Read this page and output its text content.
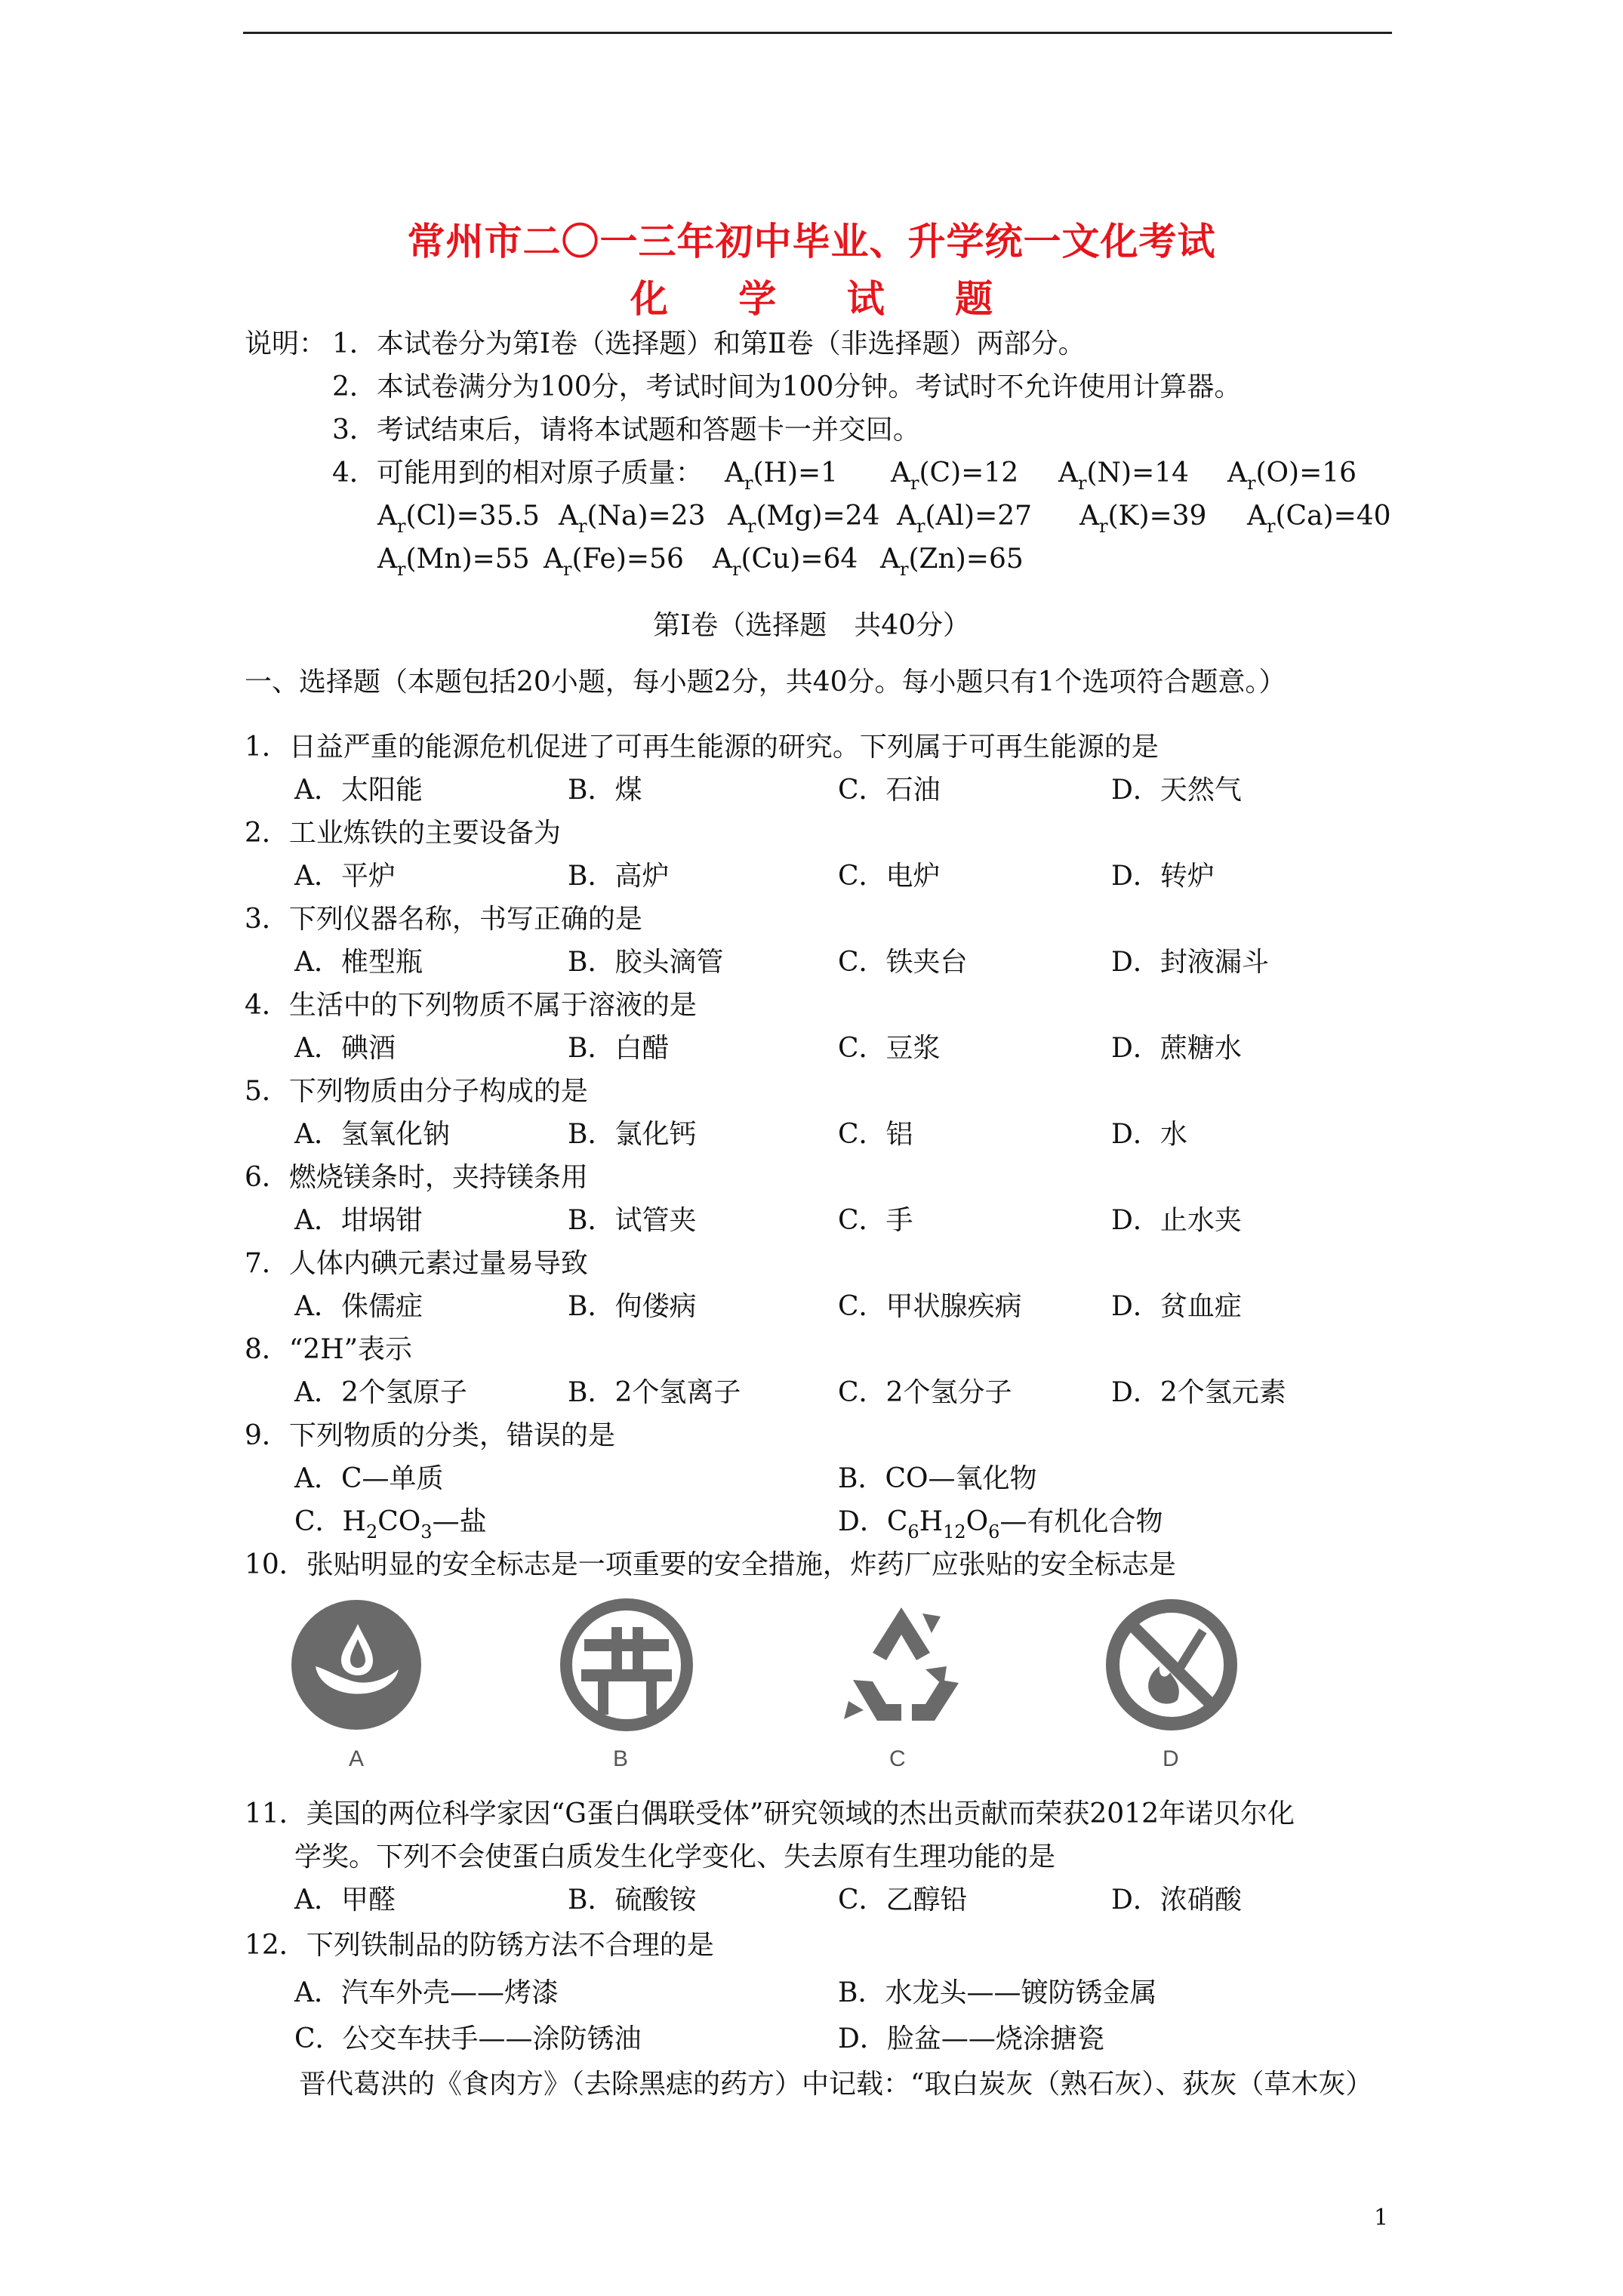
常州市二〇一三年初中毕业、升学统一文化考试
化 学 试 题
说明： 1．本试卷分为第Ⅰ卷（选择题）和第Ⅱ卷（非选择题）两部分。
2．本试卷满分为100分，考试时间为100分钟。考试时不允许使用计算器。
3．考试结束后，请将本试题和答题卡一并交回。
4．可能用到的相对原子质量： $A_r(H)=1$ $A_r(C)=12$ $A_r(N)=14$ $A_r(O)=16$
$A_r(Cl)=35.5$ $A_r(Na)=23$ $A_r(Mg)=24$ $A_r(Al)=27$ $A_r(K)=39$ $A_r(Ca)=40$
$A_r(Mn)=55$ $A_r(Fe)=56$ $A_r(Cu)=64$ $A_r(Zn)=65$
第Ⅰ卷（选择题　共40分）
一、选择题（本题包括20小题，每小题2分，共40分。每小题只有1个选项符合题意。）
1．日益严重的能源危机促进了可再生能源的研究。下列属于可再生能源的是
A．太阳能	B．煤	C．石油	D．天然气
2．工业炼铁的主要设备为
A．平炉	B．高炉	C．电炉	D．转炉
3．下列仪器名称，书写正确的是
A．椎型瓶	B．胶头滴管	C．铁夹台	D．封液漏斗
4．生活中的下列物质不属于溶液的是
A．碘酒	B．白醋	C．豆浆	D．蔗糖水
5．下列物质由分子构成的是
A．氢氧化钠	B．氯化钙	C．铝	D．水
6．燃烧镁条时，夹持镁条用
A．坩埚钳	B．试管夹	C．手	D．止水夹
7．人体内碘元素过量易导致
A．侏儒症	B．佝偻病	C．甲状腺疾病	D．贫血症
8．“2H”表示
A．2个氢原子	B．2个氢离子	C．2个氢分子	D．2个氢元素
9．下列物质的分类，错误的是
A．C—单质	B．CO—氧化物
C．$H_2CO_3—$盐	D．$C_6H_{12}O_6—$有机化合物
10．张贴明显的安全标志是一项重要的安全措施，炸药厂应张贴的安全标志是
A	B	C	D
11．美国的两位科学家因“G蛋白偶联受体”研究领域的杰出贡献而荣获2012年诺贝尔化
学奖。下列不会使蛋白质发生化学变化、失去原有生理功能的是
A．甲醛	B．硫酸铵	C．乙醇铅	D．浓硝酸
12．下列铁制品的防锈方法不合理的是
A．汽车外壳——烤漆	B．水龙头——镀防锈金属
C．公交车扶手——涂防锈油	D．脸盆——烧涂搪瓷
晋代葛洪的《食肉方》（去除黑痣的药方）中记载：“取白炭灰（熟石灰）、荻灰（草木灰）
1
